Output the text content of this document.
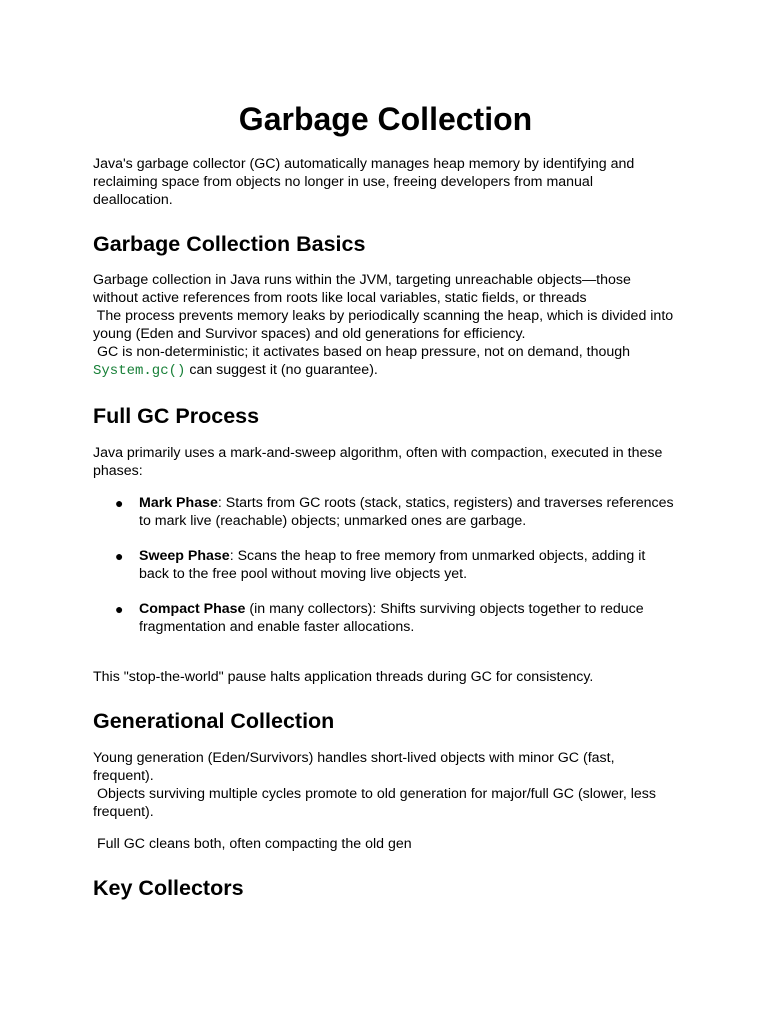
Garbage Collection

Java's garbage collector (GC) automatically manages heap memory by identifying and
reclaiming space from objects no longer in use, freeing developers from manual
deallocation.

Garbage Collection Basics

Garbage collection in Java runs within the JVM, targeting unreachable objects—those
without active references from roots like local variables, static fields, or threads
The process prevents memory leaks by periodically scanning the heap, which is divided into
young (Eden and Survivor spaces) and old generations for efficiency.
GC is non-deterministic; it activates based on heap pressure, not on demand, though
System.gc() can suggest it (no guarantee).

Full GC Process

Java primarily uses a mark-and-sweep algorithm, often with compaction, executed in these
phases:

● Mark Phase: Starts from GC roots (stack, statics, registers) and traverses references
to mark live (reachable) objects; unmarked ones are garbage.
● Sweep Phase: Scans the heap to free memory from unmarked objects, adding it
back to the free pool without moving live objects yet.
● Compact Phase (in many collectors): Shifts surviving objects together to reduce
fragmentation and enable faster allocations.

This "stop-the-world" pause halts application threads during GC for consistency.

Generational Collection

Young generation (Eden/Survivors) handles short-lived objects with minor GC (fast,
frequent).
Objects surviving multiple cycles promote to old generation for major/full GC (slower, less
frequent).

Full GC cleans both, often compacting the old gen

Key Collectors
